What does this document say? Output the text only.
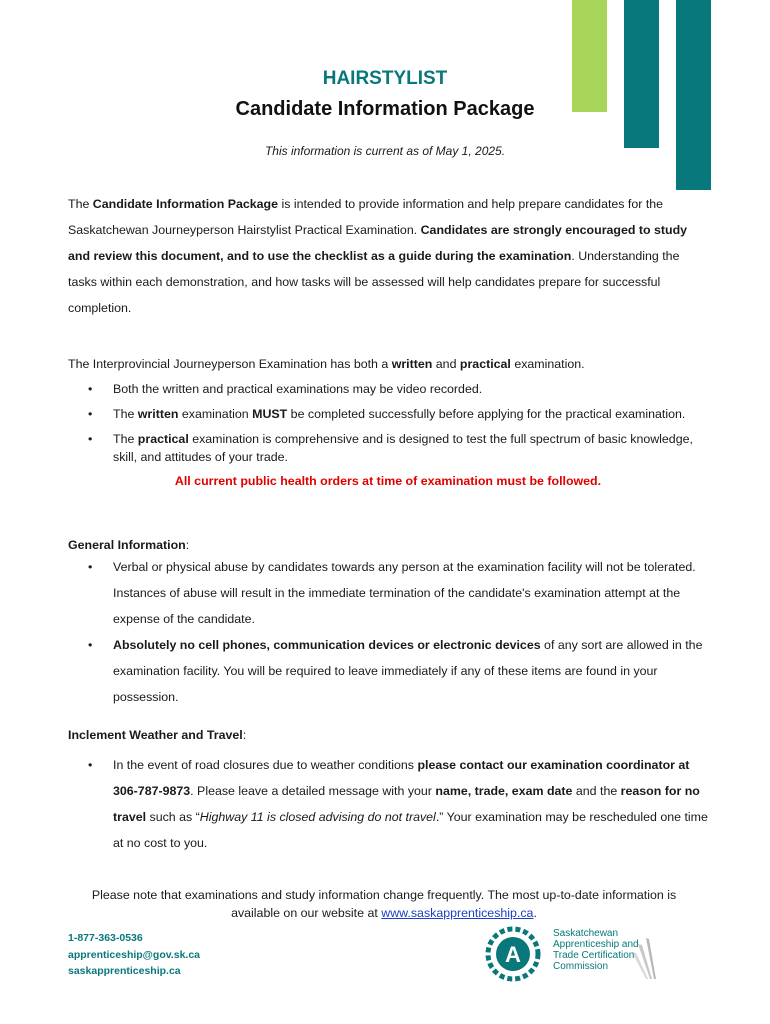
HAIRSTYLIST
Candidate Information Package
This information is current as of May 1, 2025.
The Candidate Information Package is intended to provide information and help prepare candidates for the Saskatchewan Journeyperson Hairstylist Practical Examination. Candidates are strongly encouraged to study and review this document, and to use the checklist as a guide during the examination. Understanding the tasks within each demonstration, and how tasks will be assessed will help candidates prepare for successful completion.

The Interprovincial Journeyperson Examination has both a written and practical examination.

• Both the written and practical examinations may be video recorded.
• The written examination MUST be completed successfully before applying for the practical examination.
• The practical examination is comprehensive and is designed to test the full spectrum of basic knowledge, skill, and attitudes of your trade.
All current public health orders at time of examination must be followed.
General Information:
• Verbal or physical abuse by candidates towards any person at the examination facility will not be tolerated. Instances of abuse will result in the immediate termination of the candidate's examination attempt at the expense of the candidate.
• Absolutely no cell phones, communication devices or electronic devices of any sort are allowed in the examination facility. You will be required to leave immediately if any of these items are found in your possession.
Inclement Weather and Travel:
• In the event of road closures due to weather conditions please contact our examination coordinator at 306-787-9873. Please leave a detailed message with your name, trade, exam date and the reason for no travel such as “Highway 11 is closed advising do not travel.” Your examination may be rescheduled one time at no cost to you.
Please note that examinations and study information change frequently. The most up-to-date information is available on our website at www.saskapprenticeship.ca.
1-877-363-0536
apprenticeship@gov.sk.ca
saskapprenticeship.ca
A
Saskatchewan
Apprenticeship and
Trade Certification
Commission
